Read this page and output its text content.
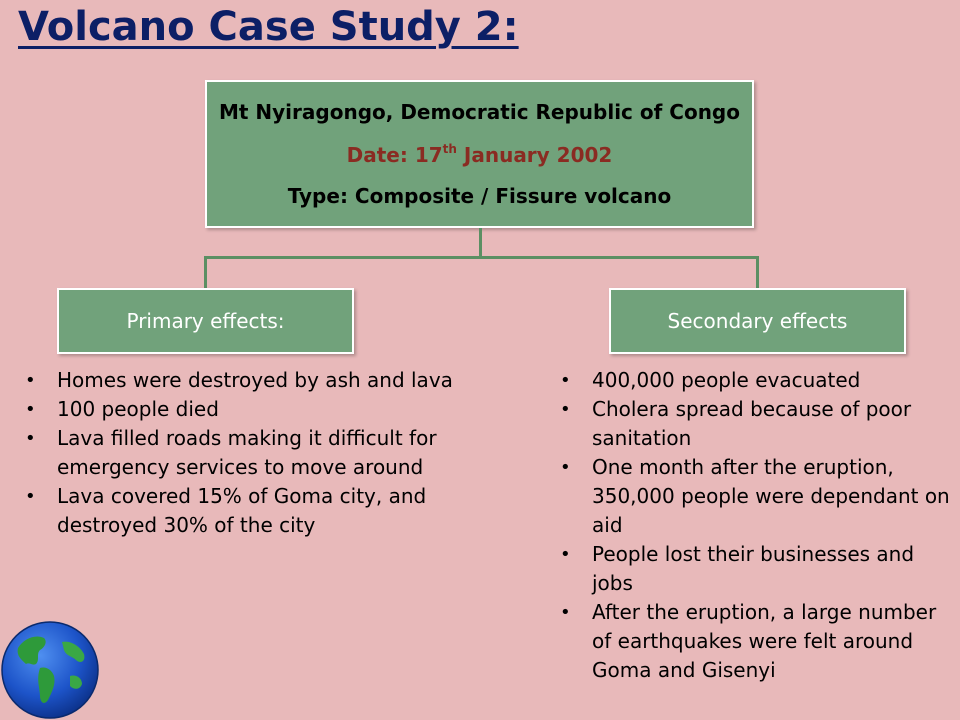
Volcano Case Study 2:
Mt Nyiragongo, Democratic Republic of Congo
Date: 17th January 2002
Type: Composite / Fissure volcano
Primary effects:	Secondary effects
• Homes were destroyed by ash and lava
• 100 people died
• Lava filled roads making it difficult for emergency services to move around
• Lava covered 15% of Goma city, and destroyed 30% of the city
• 400,000 people evacuated
• Cholera spread because of poor sanitation
• One month after the eruption, 350,000 people were dependant on aid
• People lost their businesses and jobs
• After the eruption, a large number of earthquakes were felt around Goma and Gisenyi
